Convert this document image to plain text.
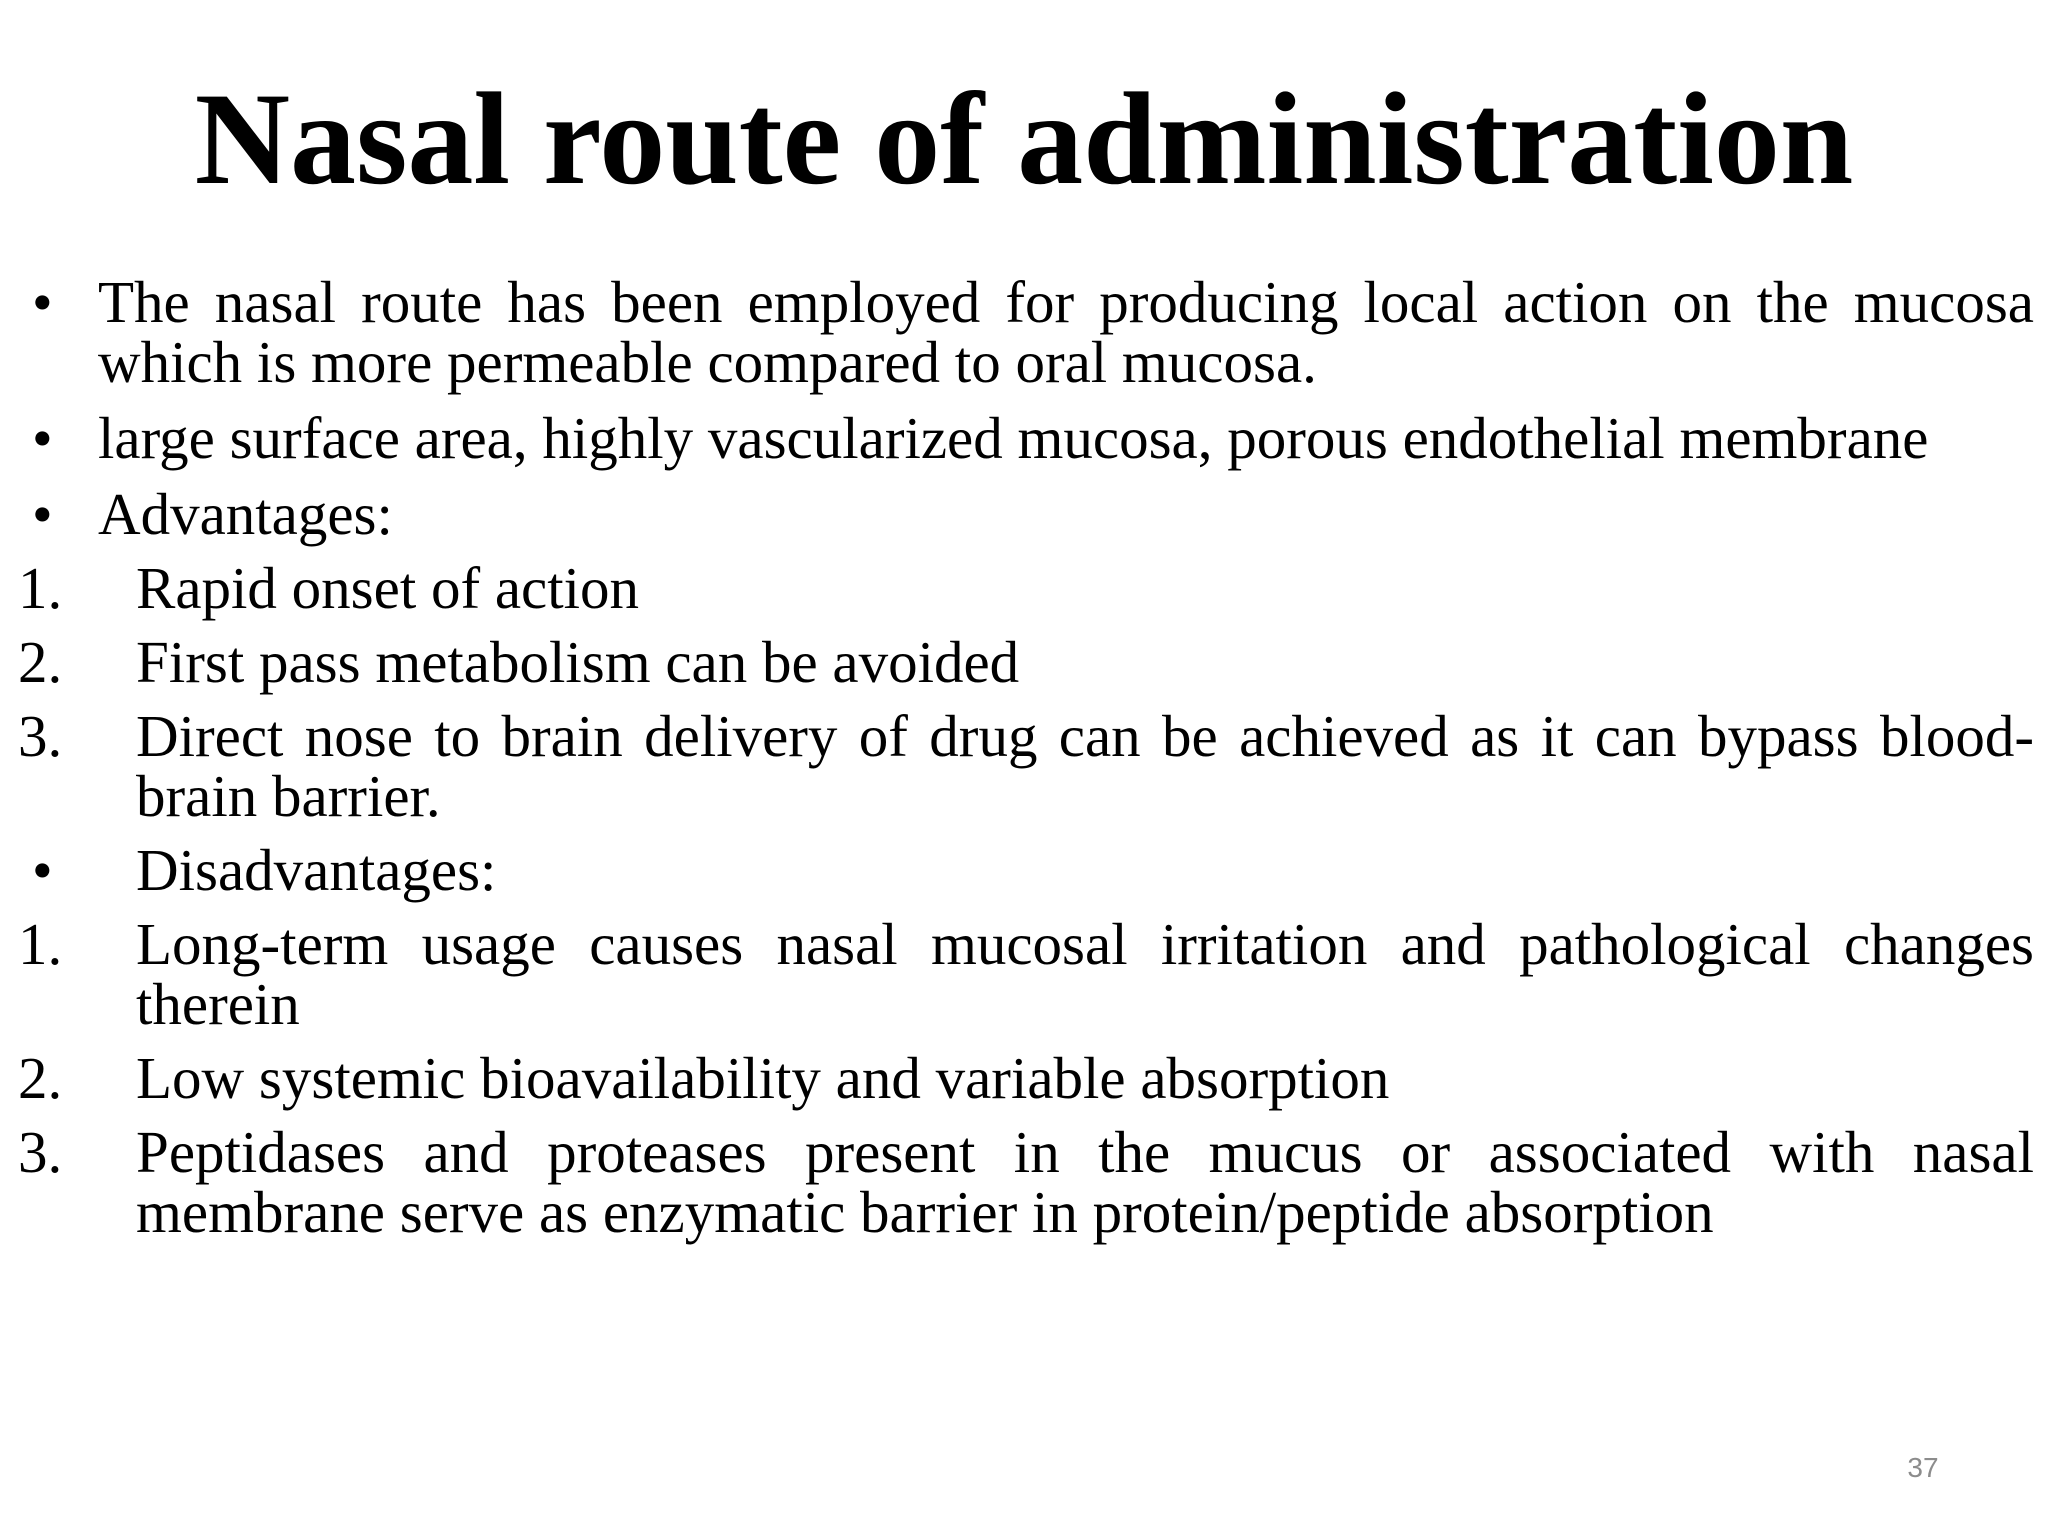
Nasal route of administration
• The nasal route has been employed for producing local action on the mucosa which is more permeable compared to oral mucosa.
• large surface area, highly vascularized mucosa, porous endothelial membrane
• Advantages:
1. Rapid onset of action
2. First pass metabolism can be avoided
3. Direct nose to brain delivery of drug can be achieved as it can bypass blood-brain barrier.
• Disadvantages:
1. Long-term usage causes nasal mucosal irritation and pathological changes therein
2. Low systemic bioavailability and variable absorption
3. Peptidases and proteases present in the mucus or associated with nasal membrane serve as enzymatic barrier in protein/peptide absorption
37
